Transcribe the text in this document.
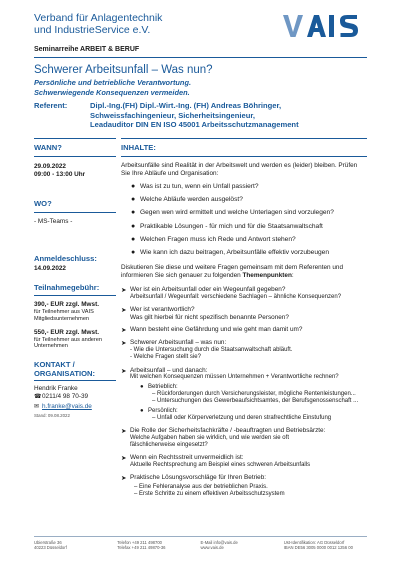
Verband für Anlagentechnik
und IndustrieService e.V.
Seminarreihe ARBEIT & BERUF
Schwerer Arbeitsunfall – Was nun?
Persönliche und betriebliche Verantwortung.
Schwerwiegende Konsequenzen vermeiden.
Referent:	Dipl.-Ing.(FH) Dipl.-Wirt.-Ing. (FH) Andreas Böhringer,
Schweissfachingenieur, Sicherheitsingenieur,
Leadauditor DIN EN ISO 45001 Arbeitsschutzmanagement
WANN?
29.09.2022
09:00 - 13:00 Uhr
WO?
- MS-Teams -
Anmeldeschluss:
14.09.2022
Teilnahmegebühr:
390,- EUR zzgl. Mwst.
für Teilnehmer aus VAIS Mitgliedsunternehmen
550,- EUR zzgl. Mwst.
für Teilnehmer aus anderen Unternehmen
KONTAKT /
ORGANISATION:
Hendrik Franke
☎0211/4 98 70-39
✉ h.franke@vais.de
Stand: 09.08.2022
INHALTE:
Arbeitsunfälle sind Realität in der Arbeitswelt und werden es (leider) bleiben. Prüfen Sie Ihre Abläufe und Organisation:
● Was ist zu tun, wenn ein Unfall passiert?
● Welche Abläufe werden ausgelöst?
● Gegen wen wird ermittelt und welche Unterlagen sind vorzulegen?
● Praktikable Lösungen - für mich und für die Staatsanwaltschaft
● Welchen Fragen muss ich Rede und Antwort stehen?
● Wie kann ich dazu beitragen, Arbeitsunfälle effektiv vorzubeugen
Diskutieren Sie diese und weitere Fragen gemeinsam mit dem Referenten und informieren Sie sich genauer zu folgenden Themenpunkten:
➤ Wer ist ein Arbeitsunfall oder ein Wegeunfall gegeben?
Arbeitsunfall / Wegeunfall: verschiedene Sachlagen – ähnliche Konsequenzen?
➤ Wer ist verantwortlich?
Was gilt hierbei für nicht spezifisch benannte Personen?
➤ Wann besteht eine Gefährdung und wie geht man damit um?
➤ Schwerer Arbeitsunfall – was nun:
- Wie die Untersuchung durch die Staatsanwaltschaft abläuft.
- Welche Fragen stellt sie?
➤ Arbeitsunfall – und danach:
Mit welchen Konsequenzen müssen Unternehmen + Verantwortliche rechnen?
● Betrieblich:
– Rückforderungen durch Versicherungsleister, mögliche Rentenleistungen...
– Untersuchungen des Gewerbeaufsichtsamtes, der Berufsgenossenschaft ...
● Persönlich:
– Unfall oder Körperverletzung und deren strafrechtliche Einstufung
➤ Die Rolle der Sicherheitsfachkräfte / -beauftragten und Betriebsärzte:
Welche Aufgaben haben sie wirklich, und wie werden sie oft
fälschlicherweise eingesetzt?
➤ Wenn ein Rechtsstreit unvermeidlich ist:
Aktuelle Rechtsprechung am Beispiel eines schweren Arbeitsunfalls
➤ Praktische Lösungsvorschläge für Ihren Betrieb:
– Eine Fehleranalyse aus der betrieblichen Praxis.
– Erste Schritte zu einem effektiven Arbeitsschutzsystem
Ubierstraße 36
40223 Düsseldorf
Telefon +49 211 498700
Telefax +49 211 49870-36
E-Mail info@vais.de
www.vais.de
Ust-Identifikation: AG Düsseldorf
IBAN DE56 3005 0000 0012 1256 00
